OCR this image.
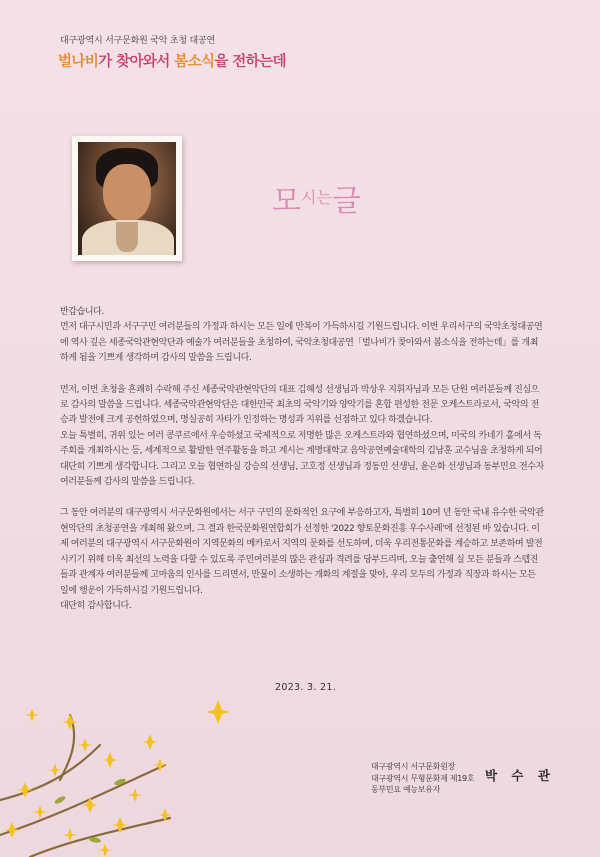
대구광역시 서구문화원 국악 초청 대공연
벌나비가 찾아와서 봄소식을 전하는데
모시는글

반갑습니다.

먼저 대구시민과 서구구민 여러분들의 가정과 하시는 모든 일에 만복이 가득하시길 기원드립니다. 이번 우리서구의 국악초청대공연에 역사 깊은 세종국악관현악단과 예술가 여러분들을 초청하여, 국악초청대공연「벌나비가 찾아와서 봄소식을 전하는데」를 개최하게 됨을 기쁘게 생각하며 감사의 말씀을 드립니다.

먼저, 이번 초청을 흔쾌히 수락해 주신 세종국악관현악단의 대표 김혜성 선생님과 박상우 지휘자님과 모든 단원 여러분들께 진심으로 감사의 말씀을 드립니다. 세종국악관현악단은 대한민국 최초의 국악기와 양악기를 혼합 편성한 전문 오케스트라로서, 국악의 전승과 발전에 크게 공헌하였으며, 명실공히 자타가 인정하는 명성과 지위를 선점하고 있다 하겠습니다.

오늘 특별히, 귀위 있는 여러 콩쿠르에서 우승하셨고 국제적으로 저명한 많은 오케스트라와 협연하셨으며, 미국의 카네기 홀에서 독주회를 개최하시는 등, 세계적으로 활발한 연주활동을 하고 계시는 계명대학교 음악공연예술대학의 김남훈 교수님을 초청하게 되어 대단히 기쁘게 생각합니다. 그리고 오늘 협연하실 강승의 선생님, 고호정 선생님과 정동민 선생님, 윤은화 선생님과 동부민요 전수자 여러분들께 감사의 말씀을 드립니다.

그 동안 여러분의 대구광역시 서구문화원에서는 서구 구민의 문화적인 요구에 부응하고자, 특별히 10여 년 동안 국내 유수한 국악관현악단의 초청공연을 개최해 왔으며, 그 결과 한국문화원연합회가 선정한 '2022 향토문화진흥 우수사례'에 선정된 바 있습니다. 이제 여러분의 대구광역시 서구문화원이 지역문화의 메카로서 지역의 문화를 선도하며, 더욱 우리전통문화를 계승하고 보존하며 발전시키기 위해 더욱 최선의 노력을 다할 수 있도록 주민여러분의 많은 관심과 격려를 당부드리며, 오늘 출연해 실 모든 분들과 스텝진들과 관계자 여러분들께 고마움의 인사를 드리면서, 만물이 소생하는 개화의 계절을 맞아, 우리 모두의 가정과 직장과 하시는 모든 일에 행운이 가득하시길 기원드립니다.

대단히 감사합니다.

2023. 3. 21.
대구광역시 서구문화원장
대구광역시 무형문화재 제19호
동부민요 예능보유자
박 수 관
